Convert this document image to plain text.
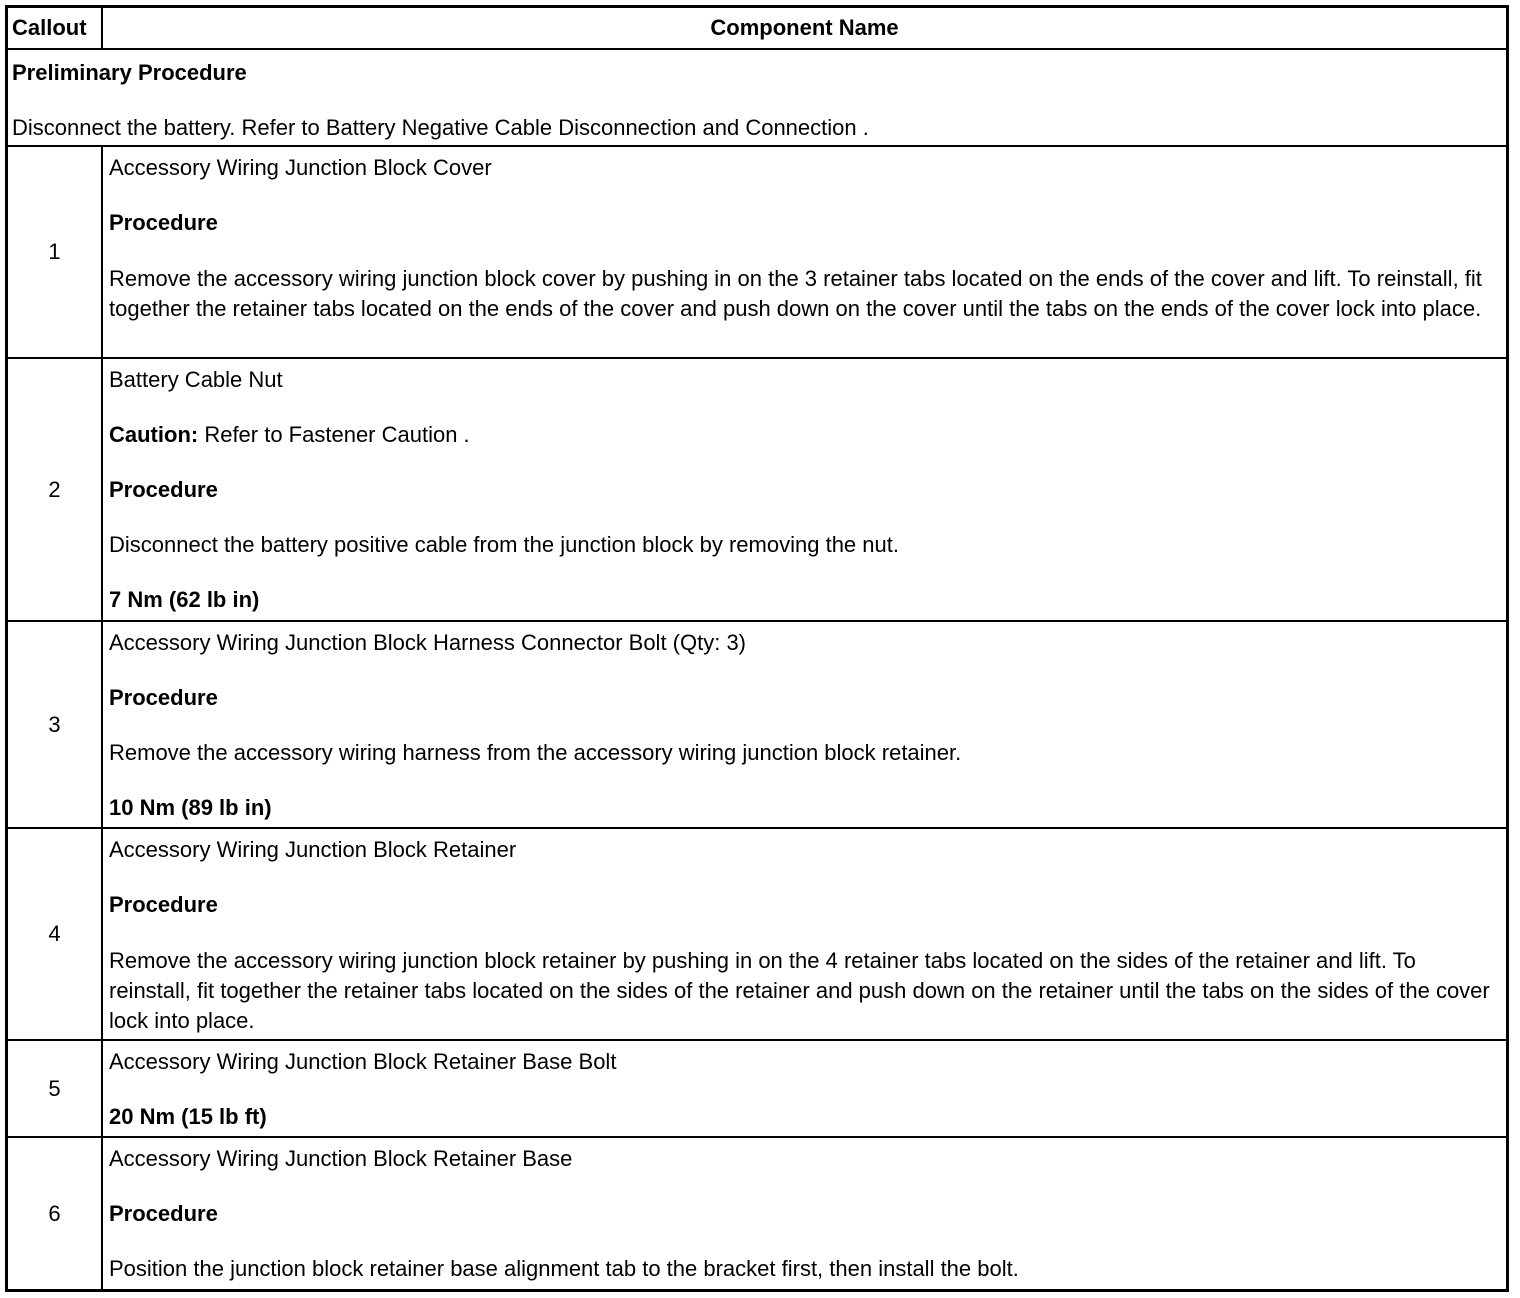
Callout	Component Name
Preliminary Procedure
Disconnect the battery. Refer to Battery Negative Cable Disconnection and Connection .
1
Accessory Wiring Junction Block Cover
Procedure
Remove the accessory wiring junction block cover by pushing in on the 3 retainer tabs located on the ends of the cover and lift. To reinstall, fit together the retainer tabs located on the ends of the cover and push down on the cover until the tabs on the ends of the cover lock into place.
2
Battery Cable Nut
Caution: Refer to Fastener Caution .
Procedure
Disconnect the battery positive cable from the junction block by removing the nut.
7 Nm (62 lb in)
3
Accessory Wiring Junction Block Harness Connector Bolt (Qty: 3)
Procedure
Remove the accessory wiring harness from the accessory wiring junction block retainer.
10 Nm (89 lb in)
4
Accessory Wiring Junction Block Retainer
Procedure
Remove the accessory wiring junction block retainer by pushing in on the 4 retainer tabs located on the sides of the retainer and lift. To reinstall, fit together the retainer tabs located on the sides of the retainer and push down on the retainer until the tabs on the sides of the cover lock into place.
5
Accessory Wiring Junction Block Retainer Base Bolt
20 Nm (15 lb ft)
6
Accessory Wiring Junction Block Retainer Base
Procedure
Position the junction block retainer base alignment tab to the bracket first, then install the bolt.
